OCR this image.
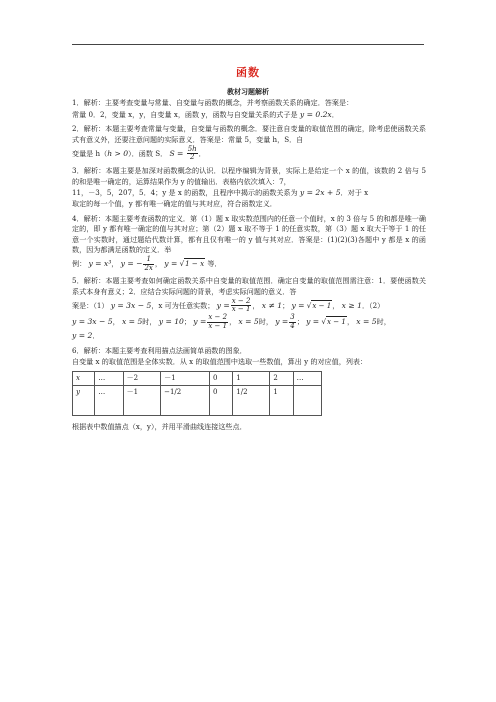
函数
教材习题解析
1．解析：主要考查变量与常量、自变量与函数的概念，并考察函数关系的确定．答案是：
常量 0．2，变量 x，y，自变量 x，函数 y，函数与自变量关系的式子是 y = 0.2x．
2．解析：本题主要考查常量与变量，自变量与函数的概念．要注意自变量的取值范围的确定，除考虑使函数关系式有意义外，还要注意问题的实际意义．答案是：常量 5，变量 h，S．自
变量是 h（h > 0）．函数 S． $S = \frac{5h}{2}$ ．
3．解析：本题主要是加深对函数概念的认识．以程序编辑为背景，实际上是给定一个 x 的值，该数的 2 倍与 5 的和是唯一确定的，运算结果作为 y 的值输出．表格内依次填入：7，
11，－3，5，207，5．4；y 是 x 的函数，且程序中揭示的函数关系为 y = 2x + 5．对于 x
取定的每一个值，y 都有唯一确定的值与其对应，符合函数定义．
4．解析：本题主要考查函数的定义．第（1）题 x 取实数范围内的任意一个值时，x 的 3 倍与 5 的和都是唯一确定的，即 y 都有唯一确定的值与其对应；第（2）题 x 取不等于 1 的任意实数，第（3）题 x 取大于等于 1 的任意一个实数时，通过题给代数计算，都有且仅有唯一的 y 值与其对应．答案是：(1)(2)(3)各题中 y 都是 x 的函数，因为都满足函数的定义．举
例： y = x³， y = − $\frac{1}{2x}$ ， y = √1 − x 等．
5．解析：本题主要考查如何确定函数关系中自变量的取值范围．确定自变量的取值范围需注意：1．要使函数关系式本身有意义；2．应结合实际问题的背景，考虑实际问题的意义．答
案是：（1） y = 3x − 5，x 可为任意实数； $y = \frac{x - 2}{x - 1}$ ， x ≠ 1； y = √x − 1， x ≥ 1．（2）
y = 3x − 5， x = 5时， y = 10； $y = \frac{x - 2}{x - 1}$ ， x = 5时， $y = \frac{3}{4}$ ； y = √x − 1， x = 5时，
y = 2．
6．解析：本题主要考查利用描点法画简单函数的图象．
自变量 x 的取值范围是全体实数．从 x 的取值范围中选取一些数值，算出 y 的对应值，列表：
x	…	－2	－1	0	1	2	…
y	…	－1	−1/2	0	1/2	1	
根据表中数值描点（x，y），并用平滑曲线连接这些点．
